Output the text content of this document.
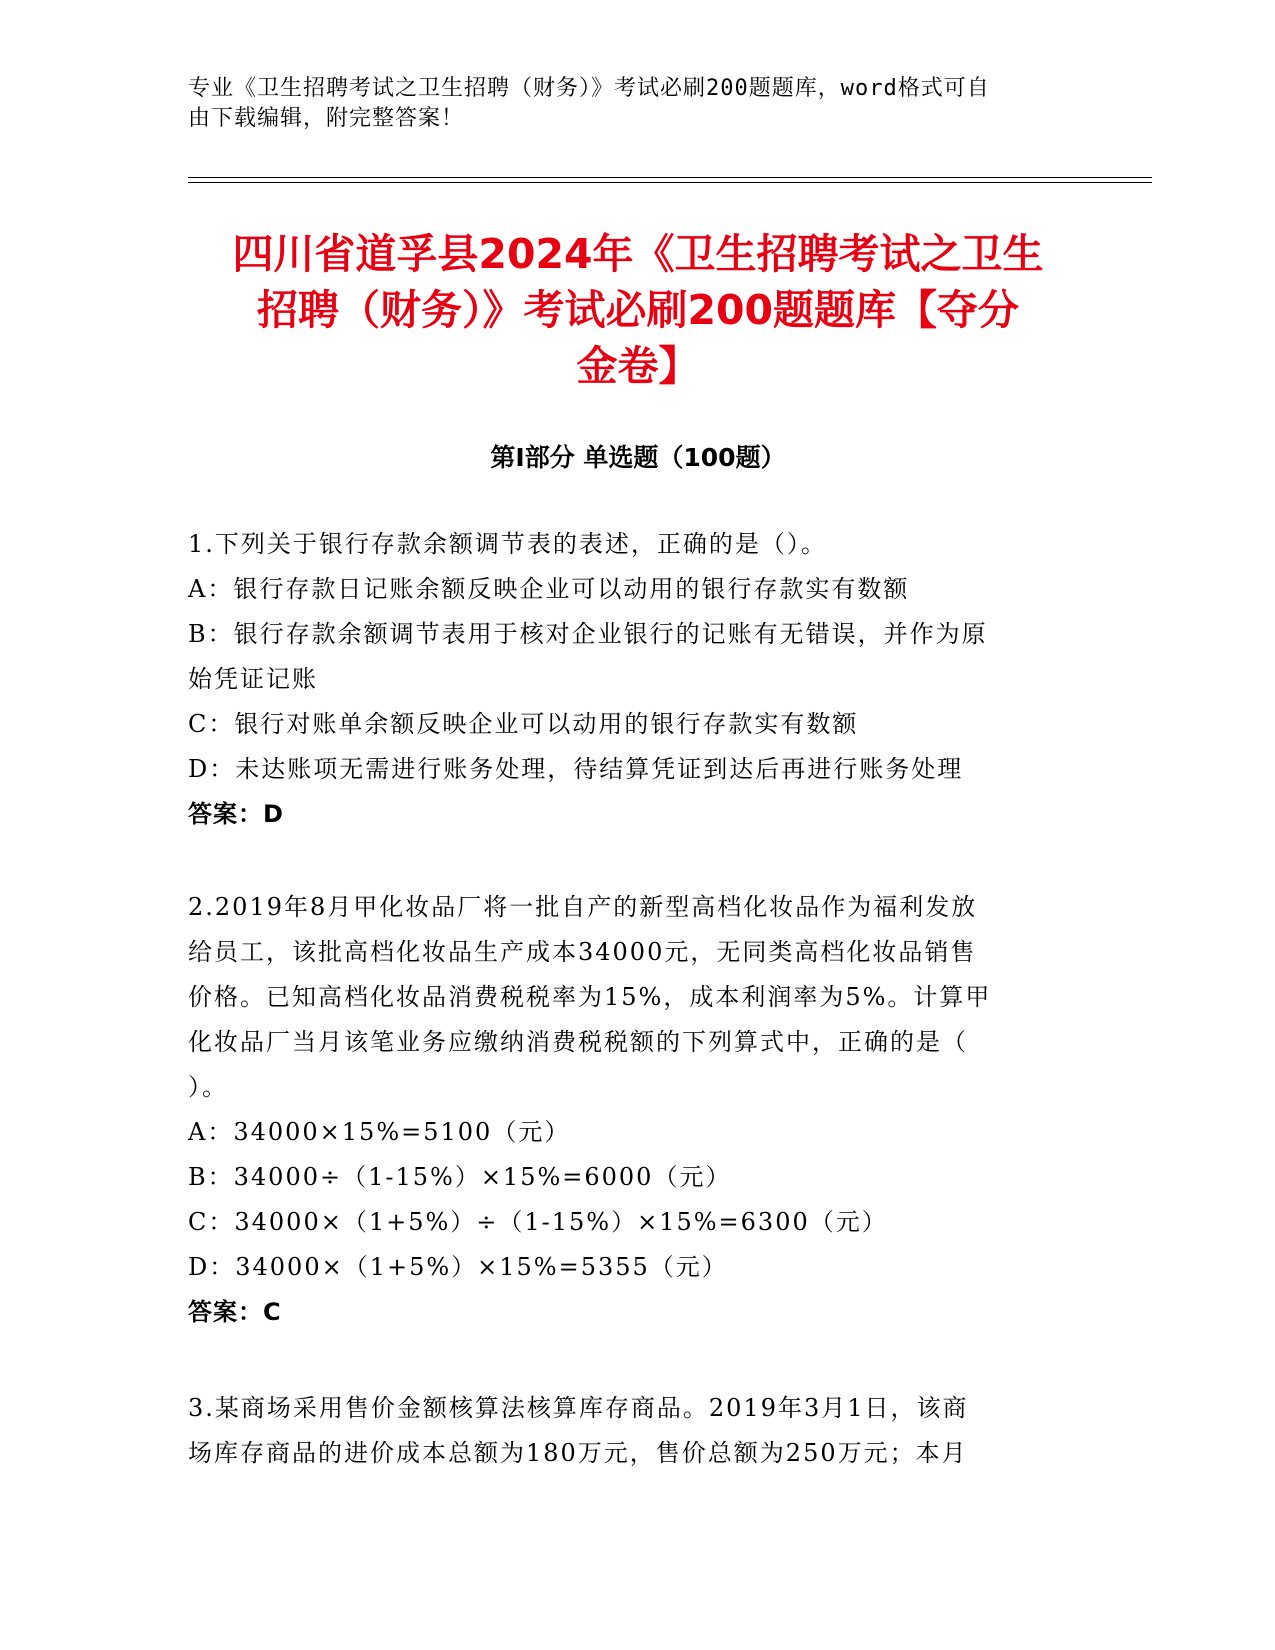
专业《卫生招聘考试之卫生招聘（财务）》考试必刷200题题库，word格式可自
由下载编辑，附完整答案！
四川省道孚县2024年《卫生招聘考试之卫生
招聘（财务）》考试必刷200题题库【夺分
金卷】
第I部分 单选题（100题）
1.下列关于银行存款余额调节表的表述，正确的是（）。
A：银行存款日记账余额反映企业可以动用的银行存款实有数额
B：银行存款余额调节表用于核对企业银行的记账有无错误，并作为原
始凭证记账
C：银行对账单余额反映企业可以动用的银行存款实有数额
D：未达账项无需进行账务处理，待结算凭证到达后再进行账务处理
答案：D
2.2019年8月甲化妆品厂将一批自产的新型高档化妆品作为福利发放
给员工，该批高档化妆品生产成本34000元，无同类高档化妆品销售
价格。已知高档化妆品消费税税率为15%，成本利润率为5%。计算甲
化妆品厂当月该笔业务应缴纳消费税税额的下列算式中，正确的是（
）。
A：34000×15%=5100（元）
B：34000÷（1-15%）×15%=6000（元）
C：34000×（1+5%）÷（1-15%）×15%=6300（元）
D：34000×（1+5%）×15%=5355（元）
答案：C
3.某商场采用售价金额核算法核算库存商品。2019年3月1日，该商
场库存商品的进价成本总额为180万元，售价总额为250万元；本月
